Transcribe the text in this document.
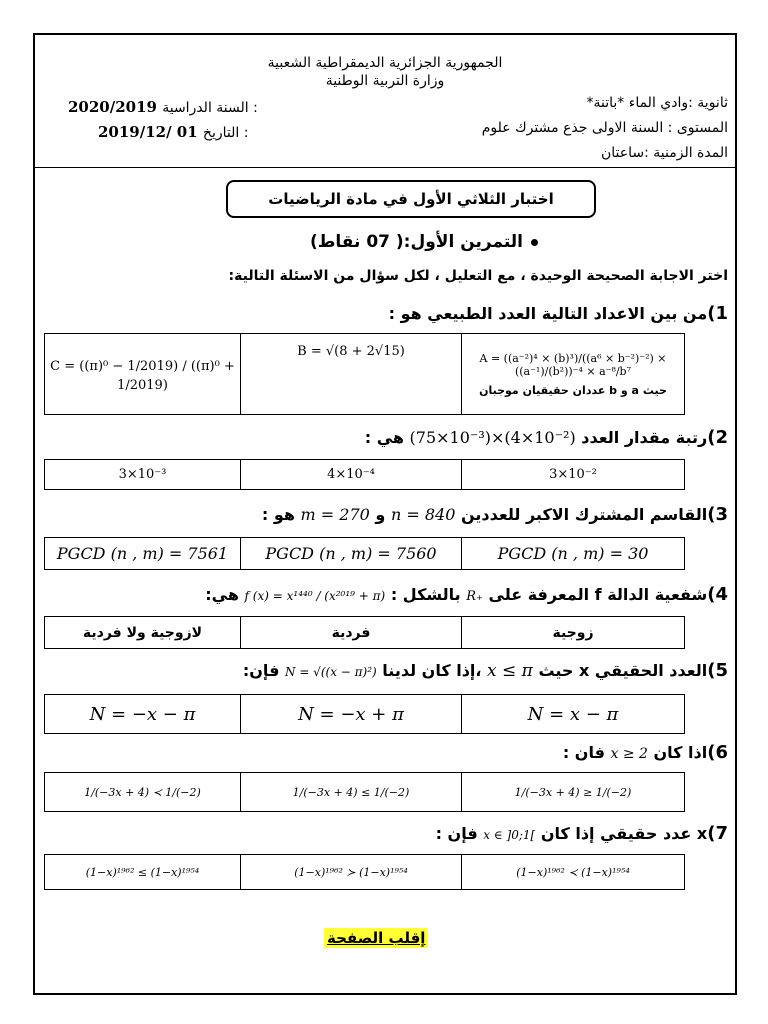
الجمهورية الجزائرية الديمقراطية الشعبية
وزارة التربية الوطنية
ثانوية :وادي الماء *باتنة*
المستوى : السنة الاولى جذع مشترك علوم
المدة الزمنية :ساعتان
2020/2019 السنة الدراسية :
2019/12/ 01 التاريخ :
اختبار الثلاثي الأول في مادة الرياضيات
التمرين الأول:( 07 نقاط)
اختر الاجابة الصحيحة الوحيدة ، مع التعليل ، لكل سؤال من الاسئلة التالية:
1)من بين الاعداد التالية العدد الطبيعي هو :
C = ((π)⁰ − 1/2019) / ((π)⁰ + 1/2019)	B = √(8 + 2√15)	A = ((a⁻²)⁴ × (b)³)/((a⁶ × b⁻²)⁻²) × ((a⁻¹)/(b²))⁻⁴ × a⁻⁸/b⁷
حيث a و b عددان حقيقيان موجبان
2)رتبة مقدار العدد (75×10⁻³)×(4×10⁻²) هي :
3×10⁻³	4×10⁻⁴	3×10⁻²
3)القاسم المشترك الاكبر للعددين n = 840 و m = 270 هو :
PGCD (n , m) = 7561	PGCD (n , m) = 7560	PGCD (n , m) = 30
4)شفعية الدالة f المعرفة على R₊ بالشكل : f (x) = x¹⁴⁴⁰ / (x²⁰¹⁹ + π) هي:
لازوجية ولا فردية	فردية	زوجية
5)العدد الحقيقي x حيث x ≤ π ،إذا كان لدينا N = √((x − π)²) فإن:
N = −x − π	N = −x + π	N = x − π
6)اذا كان x ≥ 2 فان :
1/(−3x + 4) ≺ 1/(−2)	1/(−3x + 4) ≤ 1/(−2)	1/(−3x + 4) ≥ 1/(−2)
7)x عدد حقيقي إذا كان x ∈ ]0;1[ فإن :
(1−x)¹⁹⁶² ≤ (1−x)¹⁹⁵⁴	(1−x)¹⁹⁶² ≻ (1−x)¹⁹⁵⁴	(1−x)¹⁹⁶² ≺ (1−x)¹⁹⁵⁴
إقلب الصفحة
